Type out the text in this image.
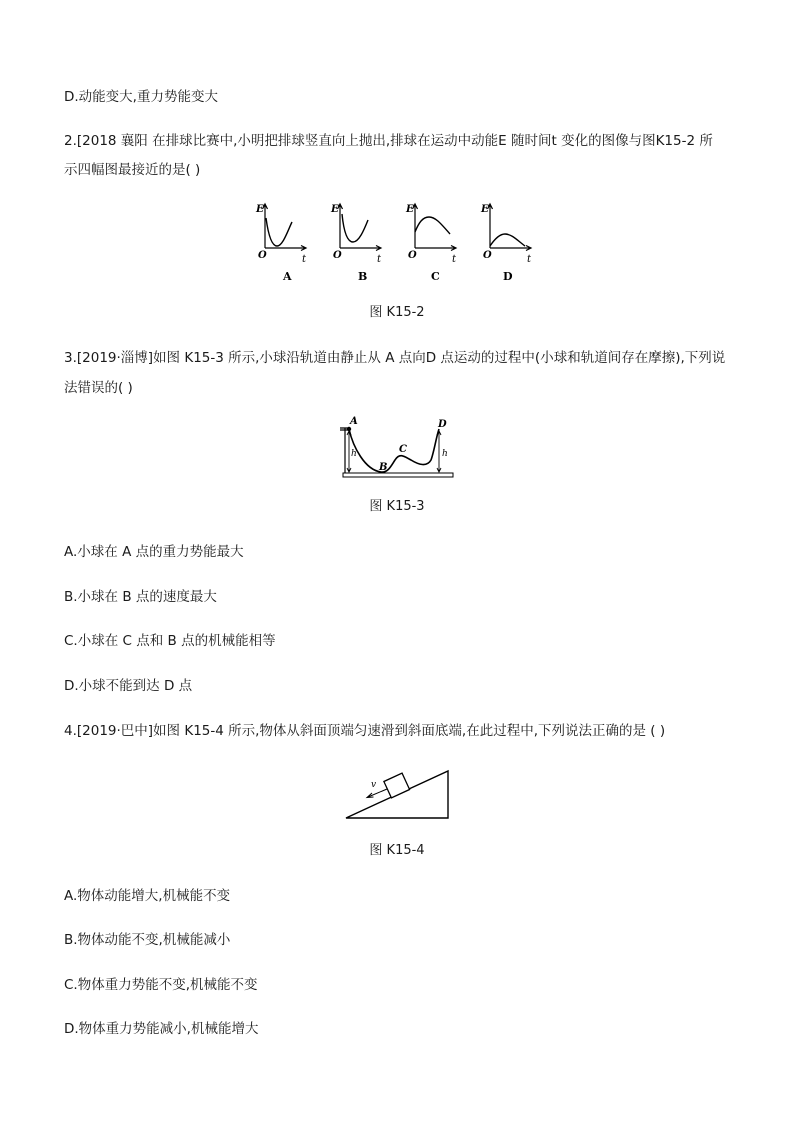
D.动能变大,重力势能变大
2.[2018 襄阳 在排球比赛中,小明把排球竖直向上抛出,排球在运动中动能E 随时间t 变化的图像与图K15-2 所
示四幅图最接近的是( )
E
t
O
A
E
t
O
B
E
t
O
C
E
t
O
D
图 K15-2
3.[2019·淄博]如图 K15-3 所示,小球沿轨道由静止从 A 点向D 点运动的过程中(小球和轨道间存在摩擦),下列说
法错误的( )
A
B
C
D
h	h
图 K15-3
A.小球在 A 点的重力势能最大
B.小球在 B 点的速度最大
C.小球在 C 点和 B 点的机械能相等
D.小球不能到达 D 点
4.[2019·巴中]如图 K15-4 所示,物体从斜面顶端匀速滑到斜面底端,在此过程中,下列说法正确的是 ( )
v
图 K15-4
A.物体动能增大,机械能不变
B.物体动能不变,机械能减小
C.物体重力势能不变,机械能不变
D.物体重力势能减小,机械能增大
